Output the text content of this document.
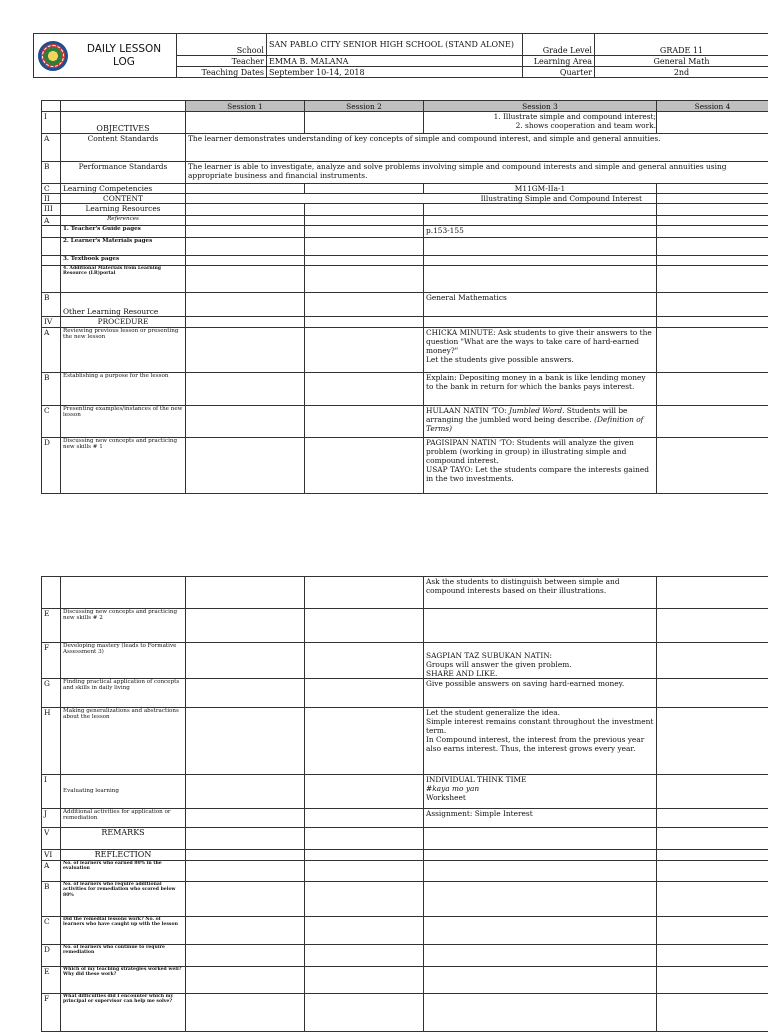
DAILY LESSON
LOG	School	SAN PABLO CITY SENIOR HIGH SCHOOL (STAND ALONE)	Grade Level	GRADE 11
	Teacher	EMMA B. MALANA	Learning Area	General Math
	Teaching Dates	September 10-14, 2018	Quarter	2nd
		Session 1	Session 2	Session 3	Session 4
I	OBJECTIVES			1. Illustrate simple and compound interest;
2. shows cooperation and team work.	

A	Content Standards	The learner demonstrates understanding of key concepts of simple and compound interest, and simple and general annuities.			
B	Performance Standards	The learner is able to investigate, analyze and solve problems involving simple and compound interests and simple and general annuities using appropriate business and financial instruments.			
C	Learning Competencies			M11GM-IIa-1	
II	CONTENT	Illustrating Simple and Compound Interest			
III	Learning Resources				
A	References				
	1. Teacher's Guide pages			p.153-155	
	2. Learner's Materials pages				
	3. Textbook pages				
	4. Additional Materials from Learning Resource (LR)portal				
B	Other Learning Resource			General Mathematics	
IV	PROCEDURE				
A	Reviewing previous lesson or presenting the new lesson			CHICKA MINUTE: Ask students to give their answers to the question "What are the ways to take care of hard-earned money?"
Let the students give possible answers.	

B	Establishing a purpose for the lesson			Explain: Depositing money in a bank is like lending money to the bank in return for which the banks pays interest.	
C	Presenting examples/instances of the new lesson			HULAAN NATIN 'TO: Jumbled Word. Students will be arranging the jumbled word being describe. (Definition of Terms)	
D	Discussing new concepts and practicing new skills # 1			PAGISIPAN NATIN 'TO: Students will analyze the given problem (working in group) in illustrating simple and compound interest.
USAP TAYO: Let the students compare the interests gained in the two investments.	

				Ask the students to distinguish between simple and compound interests based on their illustrations.	
E	Discussing new concepts and practicing new skills # 2				
F	Developing mastery (leads to Formative Assessment 3)			SAGPIAN TAZ SUBUKAN NATIN:
Groups will answer the given problem.
SHARE AND LIKE.	

G	Finding practical application of concepts and skills in daily living			Give possible answers on saving hard-earned money.	
H	Making generalizations and abstractions about the lesson			Let the student generalize the idea.
Simple interest remains constant throughout the investment term.
In Compound interest, the interest from the previous year also earns interest. Thus, the interest grows every year.	

I	Evaluating learning			INDIVIDUAL THINK TIME
#kaya mo yan
Worksheet	

J	Additional activities for application or remediation			Assignment: Simple Interest	
V	REMARKS				
VI	REFLECTION				
A	No. of learners who earned 80% in the evaluation				
B	No. of learners who require additional activities for remediation who scored below 80%				
C	Did the remedial lessons work? No. of learners who have caught up with the lesson				
D	No. of learners who continue to require remediation				
E	Which of my teaching strategies worked well? Why did these work?				
F	What difficulties did I encounter which my principal or supervisor can help me solve?				
